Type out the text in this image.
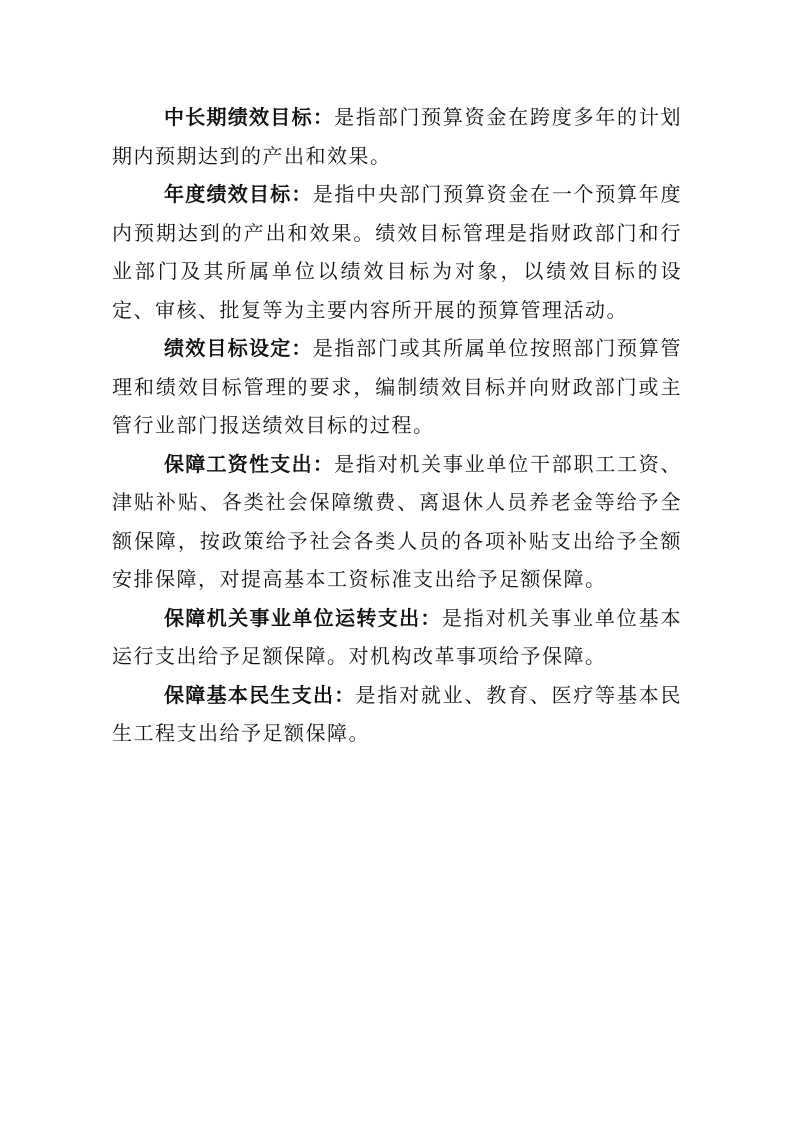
中长期绩效目标：是指部门预算资金在跨度多年的计划期内预期达到的产出和效果。

年度绩效目标：是指中央部门预算资金在一个预算年度内预期达到的产出和效果。绩效目标管理是指财政部门和行业部门及其所属单位以绩效目标为对象，以绩效目标的设定、审核、批复等为主要内容所开展的预算管理活动。

绩效目标设定：是指部门或其所属单位按照部门预算管理和绩效目标管理的要求，编制绩效目标并向财政部门或主管行业部门报送绩效目标的过程。

保障工资性支出：是指对机关事业单位干部职工工资、津贴补贴、各类社会保障缴费、离退休人员养老金等给予全额保障，按政策给予社会各类人员的各项补贴支出给予全额安排保障，对提高基本工资标准支出给予足额保障。

保障机关事业单位运转支出：是指对机关事业单位基本运行支出给予足额保障。对机构改革事项给予保障。

保障基本民生支出：是指对就业、教育、医疗等基本民生工程支出给予足额保障。
